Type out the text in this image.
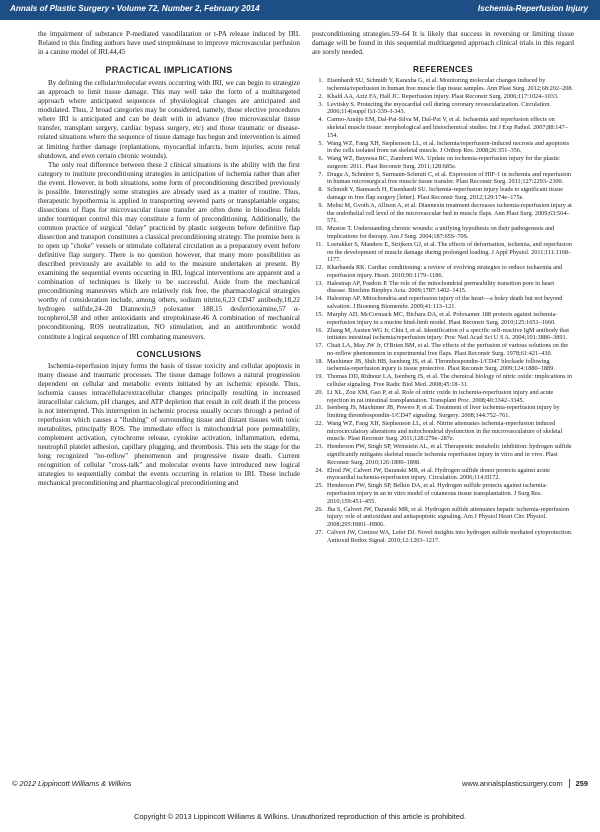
Annals of Plastic Surgery • Volume 72, Number 2, February 2014	Ischemia-Reperfusion Injury

the impairment of substance P-mediated vasodilatation or t-PA release induced by IRI. Related to this finding authors have used streptokinase to improve microvascular perfusion in a canine model of IRI.44,45

PRACTICAL IMPLICATIONS

By defining the cellular/molecular events occurring with IRI, we can begin to strategize an approach to limit tissue damage. This may well take the form of a multitargeted approach where anticipated sequences of physiological changes are anticipated and modulated. Thus, 2 broad categories may be considered, namely, those elective procedures where IRI is anticipated and can be dealt with in advance (free microvascular tissue transfer, transplant surgery, cardiac bypass surgery, etc) and those traumatic or disease-related situations where the sequence of tissue damage has begun and intervention is aimed at limiting further damage (replantations, myocardial infarcts, burn injuries, acute renal shutdown, and even certain chronic wounds).

The only real difference between these 2 clinical situations is the ability with the first category to institute preconditioning strategies in anticipation of ischemia rather than after the event. However, in both situations, some form of preconditioning described previously is possible. Interestingly some strategies are already used as a matter of routine. Thus, therapeutic hypothermia is applied in transporting severed parts or transplantable organs; dissections of flaps for microvascular tissue transfer are often done in bloodless fields under tourniquet control this may constitute a form of preconditioning. Additionally, the common practice of surgical "delay" practiced by plastic surgeons before definitive flap dissection and transport constitutes a classical preconditioning strategy. The premise here is to open up "choke" vessels or stimulate collateral circulation as a preparatory event before definitive flap surgery. There is no question however, that many more possibilities as described previously are available to add to the measure undertaken at present. By examining the sequential events occurring in IRI, logical interventions are apparent and a combination of techniques is likely to be successful. Aside from the mechanical preconditioning maneuvers which are relatively risk free, the pharmacological strategies worthy of consideration include, among others, sodium nitrite,6,23 CD47 antibody,18,22 hydrogen sulfide,24–28 Diannexin,9 poloxamer 188,15 desferrioxamine,57 α-tocopherol,58 and other antioxidants and streptokinase.46 A combination of mechanical preconditioning, ROS neutralization, NO stimulation, and an antithrombotic would constitute a logical sequence of IRI combating maneuvers.

CONCLUSIONS

Ischemia-reperfusion injury forms the basis of tissue toxicity and cellular apoptosis in many disease and traumatic processes. The tissue damage follows a natural progression dependent on cellular and metabolic events initiated by an ischemic episode. Thus, ischemia causes intracellular/extracellular changes principally resulting in increased intracellular calcium, pH changes, and ATP depletion that result in cell death if the process is not interrupted. This interruption in ischemic process usually occurs through a period of reperfusion which causes a "flushing" of surrounding tissue and distant tissues with toxic metabolites, principally ROS. The immediate effect is mitochondrial pore permeability, complement activation, cytochrome release, cytokine activation, inflammation, edema, neutrophil platelet adhesion, capillary plugging, and thrombosis. This sets the stage for the long recognized "no-reflow" phenomenon and progressive tissue death. Current recognition of cellular "cross-talk" and molecular events have introduced new logical strategies to sequentially combat the events occurring in relation to IRI. These include mechanical preconditioning and pharmacological preconditioning and

postconditioning strategies.59–64 It is likely that success in reversing or limiting tissue damage will be found in this sequential multitargeted approach clinical trials in this regard are sorely needed.

REFERENCES
1. Eisenhardt SU, Schmidt Y, Karaxha G, et al. Monitoring molecular changes induced by ischemia/reperfusion in human free muscle flap tissue samples. Ann Plast Surg. 2012;68:202–208.
2. Khalil AA, Aziz FA, Hall JC. Reperfusion injury. Plast Reconstr Surg. 2006;117:1024–1033.
3. Levitsky S. Protecting the myocardial cell during coronary revascularization. Circulation. 2006;114(suppl I):I-339–I-343.
4. Carmo-Araújo EM, Dal-Pai-Silva M, Dal-Pai V, et al. Ischaemia and reperfusion effects on skeletal muscle tissue: morphological and histochemical studies. Int J Exp Pathol. 2007;88:147–154.
5. Wang WZ, Fang XH, Stephenson LL, et al. Ischemia/reperfusion-induced necrosis and apoptosis in the cells isolated from rat skeletal muscle. J Orthop Res. 2008;26:351–356.
6. Wang WZ, Baynosa RC, Zamboni WA. Update on ischemia-reperfusion injury for the plastic surgeon: 2011. Plast Reconstr Surg. 2011;128:685e.
7. Dragu A, Schnürer S, Surmann-Schmitt C, et al. Expression of HIF-1 in ischemia and reperfusion in human microsurgical free muscle tissue transfer. Plast Reconstr Surg. 2011;127:2293–2300.
8. Schmidt Y, Bannasch H, Eisenhardt SU. Ischemia-reperfusion injury leads to significant tissue damage in free flap surgery [letter]. Plast Reconstr Surg. 2012;129:174e–175e.
9. Mohsi M, Gvoth A, Allison A, et al. Diannexin treatment decreases ischemia-reperfusion injury at the endothelial cell level of the microvascular bed in muscle flaps. Ann Plast Surg. 2009;63:564–571.
10. Mustoe T. Understanding chronic wounds: a unifying hypothesis on their pathogenesis and implications for therapy. Am J Surg. 2004;187:65S–70S.
11. Loerakker S, Manders E, Strijkers GJ, et al. The effects of deformation, ischemia, and reperfusion on the development of muscle damage during prolonged loading. J Appl Physiol. 2011;111:1168–1177.
12. Kharbanda RK. Cardiac conditioning: a review of evolving strategies to reduce ischaemia and reperfusion injury. Heart. 2010;96:1179–1186.
13. Halestrap AP, Pasdois P. The role of the mitochondrial permeability transition pore in heart disease. Biochim Biophys Acta. 2009;1787:1402–1415.
14. Halestrap AP. Mitochondria and reperfusion injury of the heart—a holey death but not beyond salvation. J Bioenerg Biomembr. 2009;41:113–121.
15. Murphy AD, McCormack MC, Bichara DA, et al. Poloxamer 188 protects against ischemia-reperfusion injury in a murine hind-limb model. Plast Reconstr Surg. 2010;125:1651–1660.
16. Zhang M, Austen WG Jr, Chiu I, et al. Identification of a specific self-reactive IgM antibody that initiates intestinal ischemia/reperfusion injury. Proc Natl Acad Sci U S A. 2004;101:3886–3891.
17. Chait LA, May JW Jr, O'Brien BM, et al. The effects of the perfusion of various solutions on the no-reflow phenomenon in experimental free flaps. Plast Reconstr Surg. 1978;61:421–430.
18. Maxhimer JB, Shih HB, Isenberg JS, et al. Thrombospondin-1/CD47 blockade following ischemia-reperfusion injury is tissue protective. Plast Reconstr Surg. 2009;124:1880–1889.
19. Thomas DD, Ridnour LA, Isenberg JS, et al. The chemical biology of nitric oxide: implications in cellular signaling. Free Radic Biol Med. 2008;45:18–31.
20. Li XL, Zou XM, Gao P, et al. Role of nitric oxide in ischemia-reperfusion injury and acute rejection in rat intestinal transplantation. Transplant Proc. 2008;40:3342–3345.
21. Isenberg JS, Maxhimer JB, Powers P, et al. Treatment of liver ischemia-reperfusion injury by limiting thrombospondin-1/CD47 signaling. Surgery. 2008;144:752–761.
22. Wang WZ, Fang XH, Stephenson LL, et al. Nitrite attenuates ischemia-reperfusion induced microcirculatory alterations and mitochondrial dysfunction in the microvasculature of skeletal muscle. Plast Reconstr Surg. 2011;128:279e–287e.
23. Henderson PW, Singh SP, Weinstein AL, et al. Therapeutic metabolic inhibition: hydrogen sulfide significantly mitigates skeletal muscle ischemia reperfusion injury in vitro and in vivo. Plast Reconstr Surg. 2010;126:1890–1898.
24. Elrod JW, Calvert JW, Daranski MR, et al. Hydrogen sulfide donor protects against acute myocardial ischemia-reperfusion injury. Circulation. 2006;114:II172.
25. Henderson PW, Singh SP, Belkin DA, et al. Hydrogen sulfide protects against ischemia-reperfusion injury in an in vitro model of cutaneous tissue transplantation. J Surg Res. 2010;159:451–455.
26. Jha S, Calvert JW, Daranski MR, et al. Hydrogen sulfide attenuates hepatic ischemia-reperfusion injury: role of antioxidant and antiapoptotic signaling. Am J Physiol Heart Circ Physiol. 2008;295:H801–H806.
27. Calvert JW, Coetzee WA, Lefer DJ. Novel insights into hydrogen sulfide mediated cytoprotection. Antioxid Redox Signal. 2010;12:1203–1217.
© 2012 Lippincott Williams & Wilkins	www.annalsplasticsurgery.com 259
Copyright © 2013 Lippincott Williams & Wilkins. Unauthorized reproduction of this article is prohibited.
